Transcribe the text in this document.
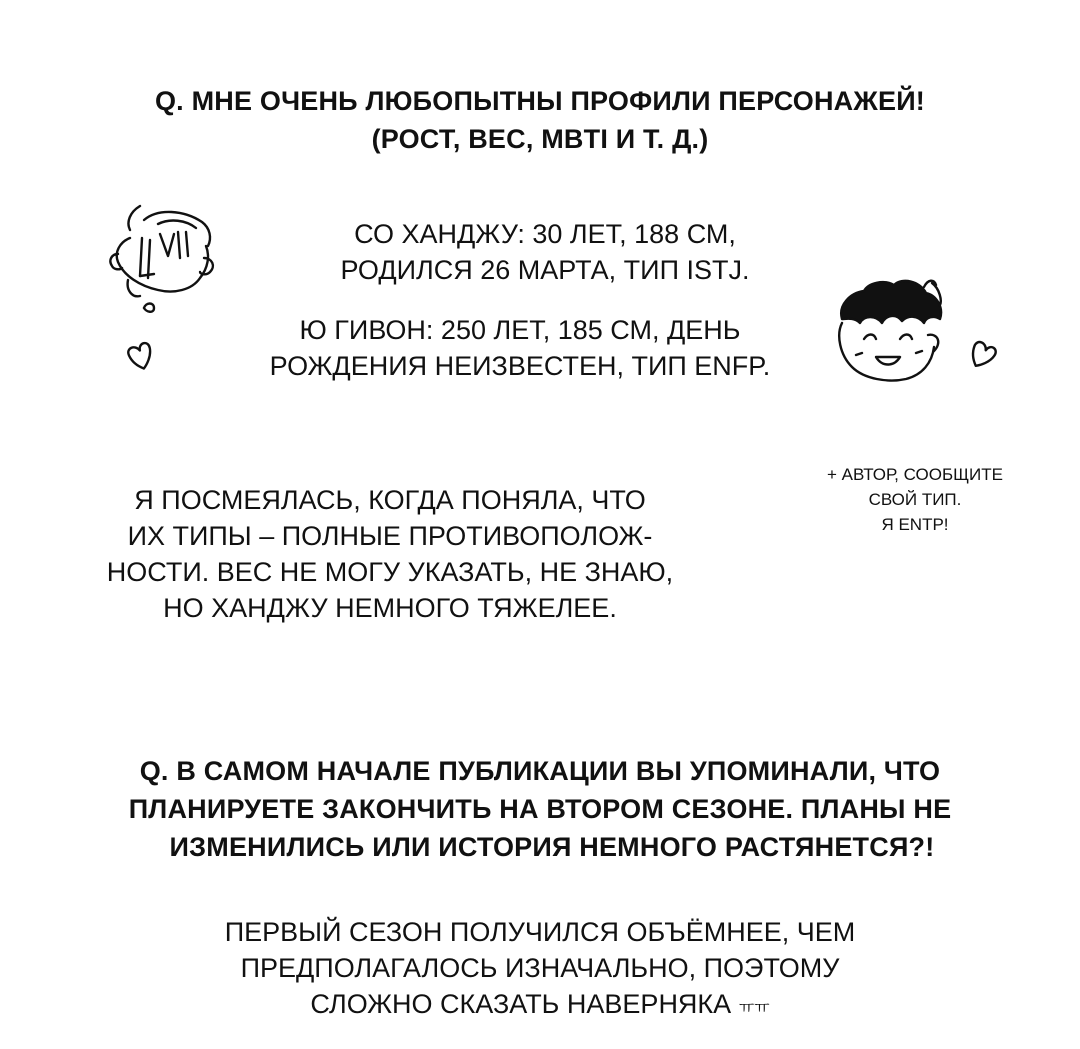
Q. МНЕ ОЧЕНЬ ЛЮБОПЫТНЫ ПРОФИЛИ ПЕРСОНАЖЕЙ!
(РОСТ, ВЕС, MBTI И Т. Д.)
СО ХАНДЖУ: 30 ЛЕТ, 188 СМ,
РОДИЛСЯ 26 МАРТА, ТИП ISTJ.
Ю ГИВОН: 250 ЛЕТ, 185 СМ, ДЕНЬ
РОЖДЕНИЯ НЕИЗВЕСТЕН, ТИП ENFP.
+ АВТОР, СООБЩИТЕ
СВОЙ ТИП.
Я ENTP!
Я ПОСМЕЯЛАСЬ, КОГДА ПОНЯЛА, ЧТО
ИХ ТИПЫ – ПОЛНЫЕ ПРОТИВОПОЛОЖ-
НОСТИ. ВЕС НЕ МОГУ УКАЗАТЬ, НЕ ЗНАЮ,
НО ХАНДЖУ НЕМНОГО ТЯЖЕЛЕЕ.
Q. В САМОМ НАЧАЛЕ ПУБЛИКАЦИИ ВЫ УПОМИНАЛИ, ЧТО
ПЛАНИРУЕТЕ ЗАКОНЧИТЬ НА ВТОРОМ СЕЗОНЕ. ПЛАНЫ НЕ
ИЗМЕНИЛИСЬ ИЛИ ИСТОРИЯ НЕМНОГО РАСТЯНЕТСЯ?!
ПЕРВЫЙ СЕЗОН ПОЛУЧИЛСЯ ОБЪЁМНЕЕ, ЧЕМ
ПРЕДПОЛАГАЛОСЬ ИЗНАЧАЛЬНО, ПОЭТОМУ
СЛОЖНО СКАЗАТЬ НАВЕРНЯКА ㅠㅠ
